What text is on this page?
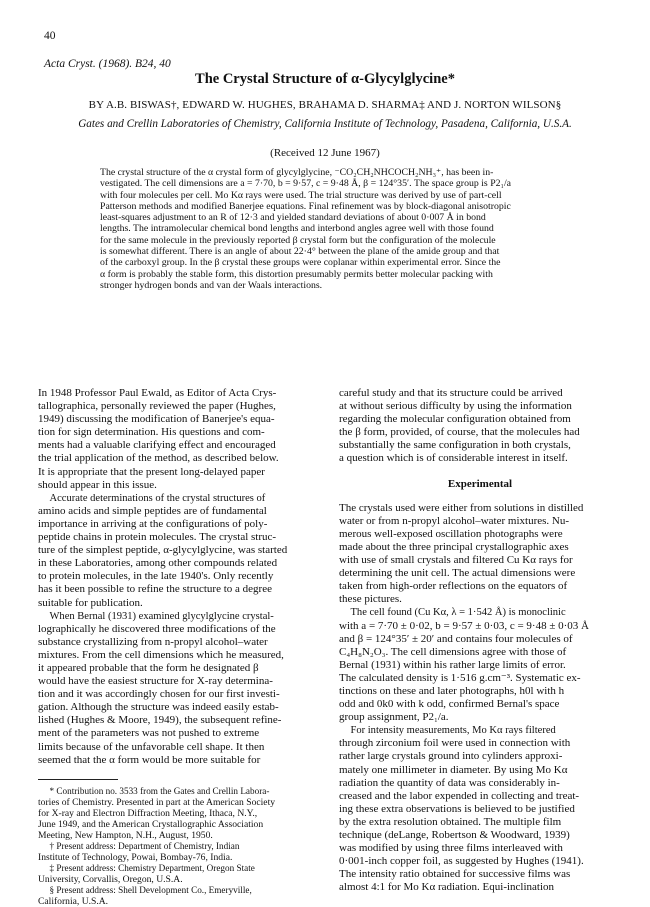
40
Acta Cryst. (1968). B24, 40
The Crystal Structure of α-Glycylglycine*
BY A.B. BISWAS†, EDWARD W. HUGHES, BRAHAMA D. SHARMA‡ AND J. NORTON WILSON§
Gates and Crellin Laboratories of Chemistry, California Institute of Technology, Pasadena, California, U.S.A.
(Received 12 June 1967)
The crystal structure of the α crystal form of glycylglycine, ⁻CO₂CH₂NHCOCH₂NH₃⁺, has been in-
vestigated. The cell dimensions are a = 7·70, b = 9·57, c = 9·48 Å, β = 124°35′. The space group is P2₁/a
with four molecules per cell. Mo Kα rays were used. The trial structure was derived by use of part-cell
Patterson methods and modified Banerjee equations. Final refinement was by block-diagonal anisotropic
least-squares adjustment to an R of 12·3 and yielded standard deviations of about 0·007 Å in bond
lengths. The intramolecular chemical bond lengths and interbond angles agree well with those found
for the same molecule in the previously reported β crystal form but the configuration of the molecule
is somewhat different. There is an angle of about 22·4° between the plane of the amide group and that
of the carboxyl group. In the β crystal these groups were coplanar within experimental error. Since the
α form is probably the stable form, this distortion presumably permits better molecular packing with
stronger hydrogen bonds and van der Waals interactions.

In 1948 Professor Paul Ewald, as Editor of Acta Crys-
tallographica, personally reviewed the paper (Hughes,
1949) discussing the modification of Banerjee's equa-
tion for sign determination. His questions and com-
ments had a valuable clarifying effect and encouraged
the trial application of the method, as described below.
It is appropriate that the present long-delayed paper
should appear in this issue.

Accurate determinations of the crystal structures of
amino acids and simple peptides are of fundamental
importance in arriving at the configurations of poly-
peptide chains in protein molecules. The crystal struc-
ture of the simplest peptide, α-glycylglycine, was started
in these Laboratories, among other compounds related
to protein molecules, in the late 1940's. Only recently
has it been possible to refine the structure to a degree
suitable for publication.

When Bernal (1931) examined glycylglycine crystal-
lographically he discovered three modifications of the
substance crystallizing from n-propyl alcohol–water
mixtures. From the cell dimensions which he measured,
it appeared probable that the form he designated β
would have the easiest structure for X-ray determina-
tion and it was accordingly chosen for our first investi-
gation. Although the structure was indeed easily estab-
lished (Hughes & Moore, 1949), the subsequent refine-
ment of the parameters was not pushed to extreme
limits because of the unfavorable cell shape. It then
seemed that the α form would be more suitable for

* Contribution no. 3533 from the Gates and Crellin Labora-
tories of Chemistry. Presented in part at the American Society
for X-ray and Electron Diffraction Meeting, Ithaca, N.Y.,
June 1949, and the American Crystallographic Association
Meeting, New Hampton, N.H., August, 1950.
† Present address: Department of Chemistry, Indian
Institute of Technology, Powai, Bombay-76, India.
‡ Present address: Chemistry Department, Oregon State
University, Corvallis, Oregon, U.S.A.
§ Present address: Shell Development Co., Emeryville,
California, U.S.A.

careful study and that its structure could be arrived
at without serious difficulty by using the information
regarding the molecular configuration obtained from
the β form, provided, of course, that the molecules had
substantially the same configuration in both crystals,
a question which is of considerable interest in itself.

Experimental

The crystals used were either from solutions in distilled
water or from n-propyl alcohol–water mixtures. Nu-
merous well-exposed oscillation photographs were
made about the three principal crystallographic axes
with use of small crystals and filtered Cu Kα rays for
determining the unit cell. The actual dimensions were
taken from high-order reflections on the equators of
these pictures.

The cell found (Cu Kα, λ = 1·542 Å) is monoclinic
with a = 7·70 ± 0·02, b = 9·57 ± 0·03, c = 9·48 ± 0·03 Å
and β = 124°35′ ± 20′ and contains four molecules of
C₄H₈N₂O₃. The cell dimensions agree with those of
Bernal (1931) within his rather large limits of error.
The calculated density is 1·516 g.cm⁻³. Systematic ex-
tinctions on these and later photographs, h0l with h
odd and 0k0 with k odd, confirmed Bernal's space
group assignment, P2₁/a.

For intensity measurements, Mo Kα rays filtered
through zirconium foil were used in connection with
rather large crystals ground into cylinders approxi-
mately one millimeter in diameter. By using Mo Kα
radiation the quantity of data was considerably in-
creased and the labor expended in collecting and treat-
ing these extra observations is believed to be justified
by the extra resolution obtained. The multiple film
technique (deLange, Robertson & Woodward, 1939)
was modified by using three films interleaved with
0·001-inch copper foil, as suggested by Hughes (1941).
The intensity ratio obtained for successive films was
almost 4:1 for Mo Kα radiation. Equi-inclination
